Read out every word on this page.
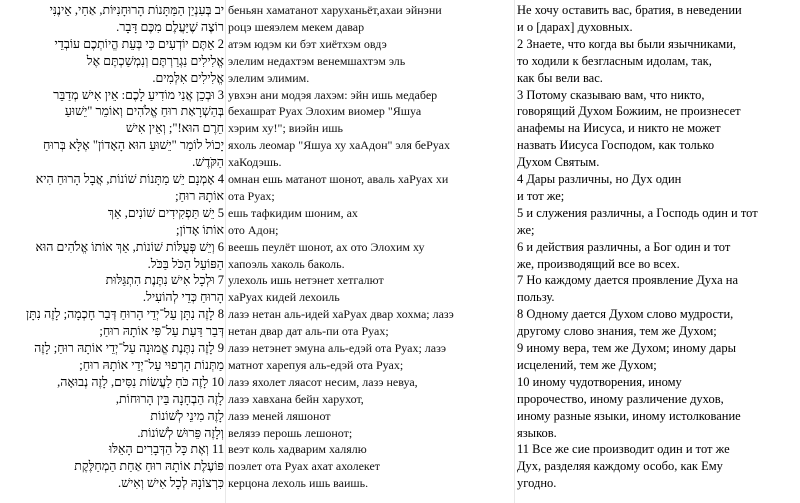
יב בְּעִנְיַן הַמַּתָּנוֹת הָרוּחָנִיּוֹת, אַחַי, אֵינֶנִּי
רוֹצֶה שֶׁיַּעֲלֶם מִכֶּם דָּבָר.
2 אַתֶּם יוֹדְעִים כִּי בְּעֵת הֱיוֹתְכֶם עוֹבְדֵי
אֱלִילִים נִגְרַרְתֶּם וְנִמְשַׁכְתֶּם אֶל
אֱלִילִים אִלְּמִים.
3 וּבְכֵן אֲנִי מוֹדִיעַ לָכֶם: אֵין אִישׁ מְדַבֵּר
בְּהַשְׁרָאַת רוּחַ אֱלֹהִים וְאוֹמֵר "יֵשׁוּעַ
חֵרֶם הוּא!"; וְאֵין אִישׁ
יָכוֹל לוֹמַר "יֵשׁוּעַ הוּא הָאָדוֹן" אֶלָּא בְּרוּחַ
הַקֹּדֶשׁ.
4 אָמְנָם יֵשׁ מַתָּנוֹת שׁוֹנוֹת, אֲבָל הָרוּחַ הִיא
אוֹתָהּ רוּחַ;
5 יֵשׁ תַּפְקִידִים שׁוֹנִים, אַךְ
אוֹתוֹ אָדוֹן;
6 וְיֵשׁ פְּעֻלּוֹת שׁוֹנוֹת, אַךְ אוֹתוֹ אֱלֹהִים הוּא
הַפּוֹעֵל הַכֹּל בַּכֹּל.
7 וּלְכָל אִישׁ נִתֶּנֶת הִתְגַּלּוּת
הָרוּחַ כְּדֵי לְהוֹעִיל.
8 לָזֶה נִתָּן עַל־יְדֵי הָרוּחַ דְּבַר חָכְמָה; לָזֶה נִתָּן
דְּבַר דַּעַת עַל־פִּי אוֹתָהּ רוּחַ;
9 לָזֶה נִתֶּנֶת אֱמוּנָה עַל־יְדֵי אוֹתָהּ רוּחַ; לָזֶה
מַתְּנוֹת הָרְפוּי עַל־יְדֵי אוֹתָהּ רוּחַ;
10 לָזֶה כֹּחַ לַעֲשׂוֹת נִסִּים, לָזֶה נְבוּאָה,
לָזֶה הַבְחָנָה בֵּין הָרוּחוֹת,
לָזֶה מִינֵי לְשׁוֹנוֹת
וְלָזֶה פֵּרוּשׁ לְשׁוֹנוֹת.
11 וְאֶת כָּל הַדְּבָרִים הָאֵלּוּ
פּוֹעֶלֶת אוֹתָהּ רוּחַ אַחַת הַמְחַלֶּקֶת
כִּרְצוֹנָהּ לְכָל אִישׁ וְאִישׁ.
беньян хаматанот харуханьёт,ахаи эйнэни
роцэ шеяэлем мекем давар
атэм юдэм ки бэт хиётхэм овдэ
элелим недахтэм венемшахтэм эль
элелим элимим.
увхэн ани модэя лахэм: эйн ишь медабер
бехашрат Руах Элохим виомер "Яшуа
хэрим ху!"; виэйн ишь
яхоль леомар "Яшуа ху хаАдон" эля беРуах
хаКодэшь.
омнан ешь матанот шонот, аваль хаРуах хи
ота Руах;
ешь тафкидим шоним, ах
ото Адон;
веешь пеулёт шонот, ах ото Элохим ху
хапоэль хаколь баколь.
улехоль ишь нетэнет хетгалют
хаРуах кидей лехоиль
лазэ нетан аль-идей хаРуах двар хохма; лазэ
нетан двар дат аль-пи ота Руах;
лазэ нетэнет эмуна аль-едэй ота Руах; лазэ
матнот харепуя аль-едэй ота Руах;
лазэ яхолет ляасот несим, лазэ невуа,
лазэ хавхана бейн харухот,
лазэ меней ляшонот
велязэ перошь лешонот;
веэт коль хадварим халялю
поэлет ота Руах ахат ахолекет
керцона лехоль ишь ваишь.
Не хочу оставить вас, братия, в неведении
и о [дарах] духовных.
2 Знаете, что когда вы были язычниками,
то ходили к безгласным идолам, так,
как бы вели вас.
3 Потому сказываю вам, что никто,
говорящий Духом Божиим, не произнесет
анафемы на Иисуса, и никто не может
назвать Иисуса Господом, как только
Духом Святым.
4 Дары различны, но Дух один
и тот же;
5 и служения различны, а Господь один и тот
же;
6 и действия различны, а Бог один и тот
же, производящий все во всех.
7 Но каждому дается проявление Духа на
пользу.
8 Одному дается Духом слово мудрости,
другому слово знания, тем же Духом;
9 иному вера, тем же Духом; иному дары
исцелений, тем же Духом;
10 иному чудотворения, иному
пророчество, иному различение духов,
иному разные языки, иному истолкование
языков.
11 Все же сие производит один и тот же
Дух, разделяя каждому особо, как Ему
угодно.
